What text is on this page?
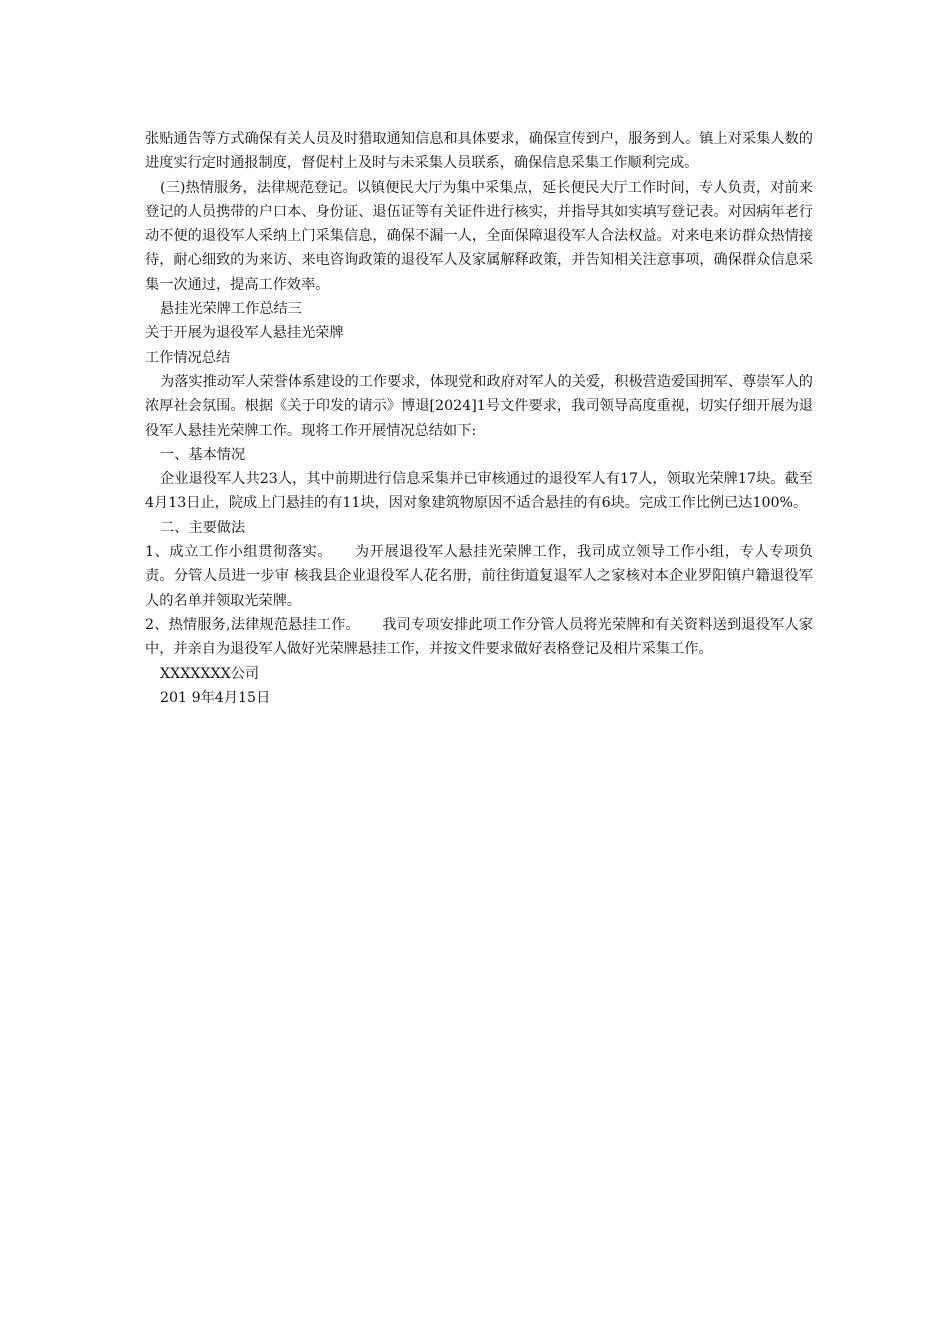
张贴通告等方式确保有关人员及时猎取通知信息和具体要求，确保宣传到户，服务到人。镇上对采集人数的进度实行定时通报制度，督促村上及时与未采集人员联系，确保信息采集工作顺利完成。

(三)热情服务，法律规范登记。以镇便民大厅为集中采集点，延长便民大厅工作时间，专人负责，对前来登记的人员携带的户口本、身份证、退伍证等有关证件进行核实，并指导其如实填写登记表。对因病年老行动不便的退役军人采纳上门采集信息，确保不漏一人，全面保障退役军人合法权益。对来电来访群众热情接待，耐心细致的为来访、来电咨询政策的退役军人及家属解释政策，并告知相关注意事项，确保群众信息采集一次通过，提高工作效率。

悬挂光荣牌工作总结三

关于开展为退役军人悬挂光荣牌

工作情况总结

为落实推动军人荣誉体系建设的工作要求，体现党和政府对军人的关爱，积极营造爱国拥军、尊崇军人的浓厚社会氛围。根据《关于印发的请示》博退[2024]1号文件要求，我司领导高度重视，切实仔细开展为退役军人悬挂光荣牌工作。现将工作开展情况总结如下:

一、基本情况

企业退役军人共23人，其中前期进行信息采集并已审核通过的退役军人有17人，领取光荣牌17块。截至4月13日止，院成上门悬挂的有11块，因对象建筑物原因不适合悬挂的有6块。完成工作比例已达100%。

二、主要做法

1、成立工作小组贯彻落实。 为开展退役军人悬挂光荣牌工作，我司成立领导工作小组，专人专项负责。分管人员进一步审 核我县企业退役军人花名册，前往街道复退军人之家核对本企业罗阳镇户籍退役军人的名单并领取光荣牌。

2、热情服务,法律规范悬挂工作。 我司专项安排此项工作分管人员将光荣牌和有关资料送到退役军人家中，并亲自为退役军人做好光荣牌悬挂工作，并按文件要求做好表格登记及相片采集工作。

XXXXXXX公司

201 9年4月15日
